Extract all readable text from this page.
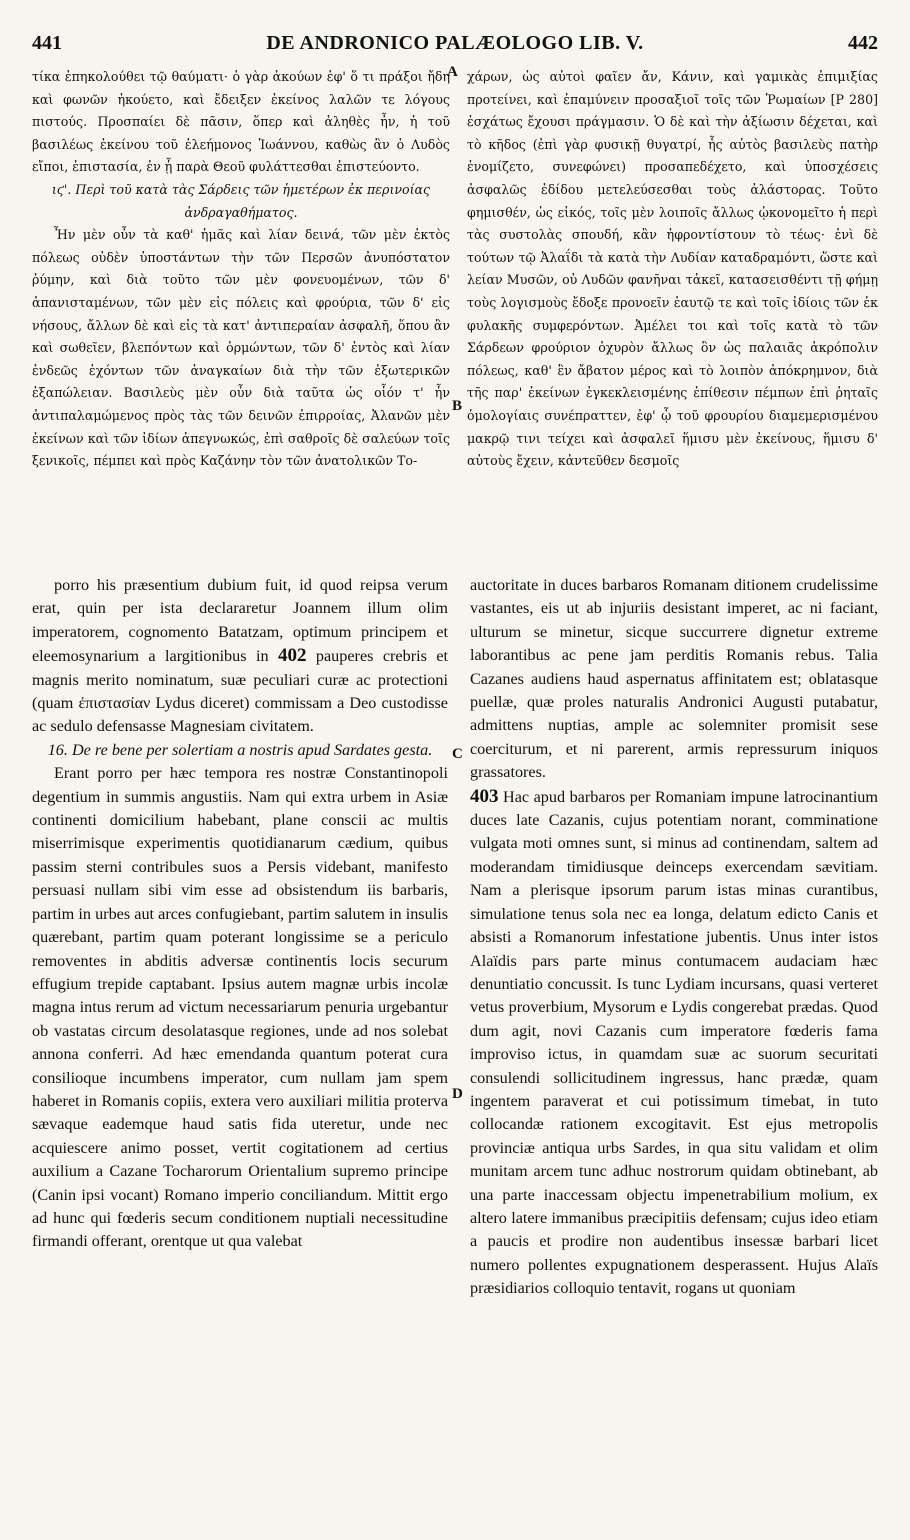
441	DE ANDRONICO PALÆOLOGO LIB. V.	442

τίκα ἐπηκολούθει τῷ θαύματι· ὁ γὰρ ἀκούων ἐφ' ὅ τι πράξοι ἤδη καὶ φωνῶν ἠκούετο, καὶ ἔδειξεν ἐκείνος λαλῶν τε λόγους πιστούς. Προσπαίει δὲ πᾶσιν, ὅπερ καὶ ἀληθὲς ἦν, ἡ τοῦ βασιλέως ἐκείνου τοῦ ἐλεήμονος Ἰωάννου, καθὼς ἂν ὁ Λυδὸς εἴποι, ἐπιστασία, ἐν ᾗ παρὰ Θεοῦ φυλάττεσθαι ἐπιστεύοντο.

ιϛ'. Περὶ τοῦ κατὰ τὰς Σάρδεις τῶν ἡμετέρων ἐκ περινοίας ἀνδραγαθήματος.

Ἦν μὲν οὖν τὰ καθ' ἡμᾶς καὶ λίαν δεινά, τῶν μὲν ἐκτὸς πόλεως οὐδὲν ὑποστάντων τὴν τῶν Περσῶν ἀνυπόστατον ῥύμην, καὶ διὰ τοῦτο τῶν μὲν φονευομένων, τῶν δ' ἀπανισταμένων, τῶν μὲν εἰς πόλεις καὶ φρούρια, τῶν δ' εἰς νήσους, ἄλλων δὲ καὶ εἰς τὰ κατ' ἀντιπεραίαν ἀσφαλῆ, ὅπου ἂν καὶ σωθεῖεν, βλεπόντων καὶ ὁρμώντων, τῶν δ' ἐντὸς καὶ λίαν ἐνδεῶς ἐχόντων τῶν ἀναγκαίων διὰ τὴν τῶν ἐξωτερικῶν ἐξαπώλειαν. Βασιλεὺς μὲν οὖν διὰ ταῦτα ὡς οἷόν τ' ἦν ἀντιπαλαμώμενος πρὸς τὰς τῶν δεινῶν ἐπιρροίας, Ἀλανῶν μὲν ἐκείνων καὶ τῶν ἰδίων ἀπεγνωκώς, ἐπὶ σαθροῖς δὲ σαλεύων τοῖς ξενικοῖς, πέμπει καὶ πρὸς Καζάνην τὸν τῶν ἀνατολικῶν Το-

A
B

χάρων, ὡς αὐτοὶ φαῖεν ἄν, Κάνιν, καὶ γαμικὰς ἐπιμιξίας προτείνει, καὶ ἐπαμύνειν προσαξιοῖ τοῖς τῶν Ῥωμαίων [P 280] ἐσχάτως ἔχουσι πράγμασιν. Ὁ δὲ καὶ τὴν ἀξίωσιν δέχεται, καὶ τὸ κῆδος (ἐπὶ γὰρ φυσικῇ θυγατρί, ἧς αὐτὸς βασιλεὺς πατὴρ ἐνομίζετο, συνεφώνει) προσαπεδέχετο, καὶ ὑποσχέσεις ἀσφαλῶς ἐδίδου μετελεύσεσθαι τοὺς ἀλάστορας. Τοῦτο φημισθέν, ὡς εἰκός, τοῖς μὲν λοιποῖς ἄλλως ᾠκονομεῖτο ἡ περὶ τὰς συστολὰς σπουδή, κἂν ἠφροντίστουν τὸ τέως· ἐνὶ δὲ τούτων τῷ Ἀλαΐδι τὰ κατὰ τὴν Λυδίαν καταδραμόντι, ὥστε καὶ λείαν Μυσῶν, οὐ Λυδῶν φανῆναι τἀκεῖ, κατασεισθέντι τῇ φήμῃ τοὺς λογισμοὺς ἔδοξε προνοεῖν ἑαυτῷ τε καὶ τοῖς ἰδίοις τῶν ἐκ φυλακῆς συμφερόντων. Ἀμέλει τοι καὶ τοῖς κατὰ τὸ τῶν Σάρδεων φρούριον ὀχυρὸν ἄλλως ὂν ὡς παλαιᾶς ἀκρόπολιν πόλεως, καθ' ἓν ἄβατον μέρος καὶ τὸ λοιπὸν ἀπόκρημνον, διὰ τῆς παρ' ἐκείνων ἐγκεκλεισμένης ἐπίθεσιν πέμπων ἐπὶ ῥηταῖς ὁμολογίαις συνέπραττεν, ἐφ' ᾧ τοῦ φρουρίου διαμεμερισμένου μακρῷ τινι τείχει καὶ ἀσφαλεῖ ἥμισυ μὲν ἐκείνους, ἥμισυ δ' αὐτοὺς ἔχειν, κἀντεῦθεν δεσμοῖς

porro his præsentium dubium fuit, id quod reipsa verum erat, quin per ista declararetur Joannem illum olim imperatorem, cognomento Batatzam, optimum principem et eleemosynarium a largitionibus in 402 pauperes crebris et magnis merito nominatum, suæ peculiari curæ ac protectioni (quam ἐπιστασίαν Lydus diceret) commissam a Deo custodisse ac sedulo defensasse Magnesiam civitatem.

16. De re bene per solertiam a nostris apud Sardates gesta.

Erant porro per hæc tempora res nostræ Constantinopoli degentium in summis angustiis. Nam qui extra urbem in Asiæ continenti domicilium habebant, plane conscii ac multis miserrimisque experimentis quotidianarum cædium, quibus passim sterni contribules suos a Persis videbant, manifesto persuasi nullam sibi vim esse ad obsistendum iis barbaris, partim in urbes aut arces confugiebant, partim salutem in insulis quærebant, partim quam poterant longissime se a periculo removentes in abditis adversæ continentis locis securum effugium trepide captabant. Ipsius autem magnæ urbis incolæ magna intus rerum ad victum necessariarum penuria urgebantur ob vastatas circum desolatasque regiones, unde ad nos solebat annona conferri. Ad hæc emendanda quantum poterat cura consilioque incumbens imperator, cum nullam jam spem haberet in Romanis copiis, extera vero auxiliari militia proterva sævaque eademque haud satis fida uteretur, unde nec acquiescere animo posset, vertit cogitationem ad certius auxilium a Cazane Tocharorum Orientalium supremo principe (Canin ipsi vocant) Romano imperio conciliandum. Mittit ergo ad hunc qui fœderis secum conditionem nuptiali necessitudine firmandi offerant, orentque ut qua valebat

C
D

auctoritate in duces barbaros Romanam ditionem crudelissime vastantes, eis ut ab injuriis desistant imperet, ac ni faciant, ulturum se minetur, sicque succurrere dignetur extreme laborantibus ac pene jam perditis Romanis rebus. Talia Cazanes audiens haud aspernatus affinitatem est; oblatasque puellæ, quæ proles naturalis Andronici Augusti putabatur, admittens nuptias, ample ac solemniter promisit sese coerciturum, et ni parerent, armis repressurum iniquos grassatores.

403 Hac apud barbaros per Romaniam impune latrocinantium duces late Cazanis, cujus potentiam norant, comminatione vulgata moti omnes sunt, si minus ad continendam, saltem ad moderandam timidiusque deinceps exercendam sævitiam. Nam a plerisque ipsorum parum istas minas curantibus, simulatione tenus sola nec ea longa, delatum edicto Canis et absisti a Romanorum infestatione jubentis. Unus inter istos Alaïdis pars parte minus contumacem audaciam hæc denuntiatio concussit. Is tunc Lydiam incursans, quasi verteret vetus proverbium, Mysorum e Lydis congerebat prædas. Quod dum agit, novi Cazanis cum imperatore fœderis fama improviso ictus, in quamdam suæ ac suorum securitati consulendi sollicitudinem ingressus, hanc prædæ, quam ingentem paraverat et cui potissimum timebat, in tuto collocandæ rationem excogitavit. Est ejus metropolis provinciæ antiqua urbs Sardes, in qua situ validam et olim munitam arcem tunc adhuc nostrorum quidam obtinebant, ab una parte inaccessam objectu impenetrabilium molium, ex altero latere immanibus præcipitiis defensam; cujus ideo etiam a paucis et prodire non audentibus insessæ barbari licet numero pollentes expugnationem desperassent. Hujus Alaïs præsidiarios colloquio tentavit, rogans ut quoniam
